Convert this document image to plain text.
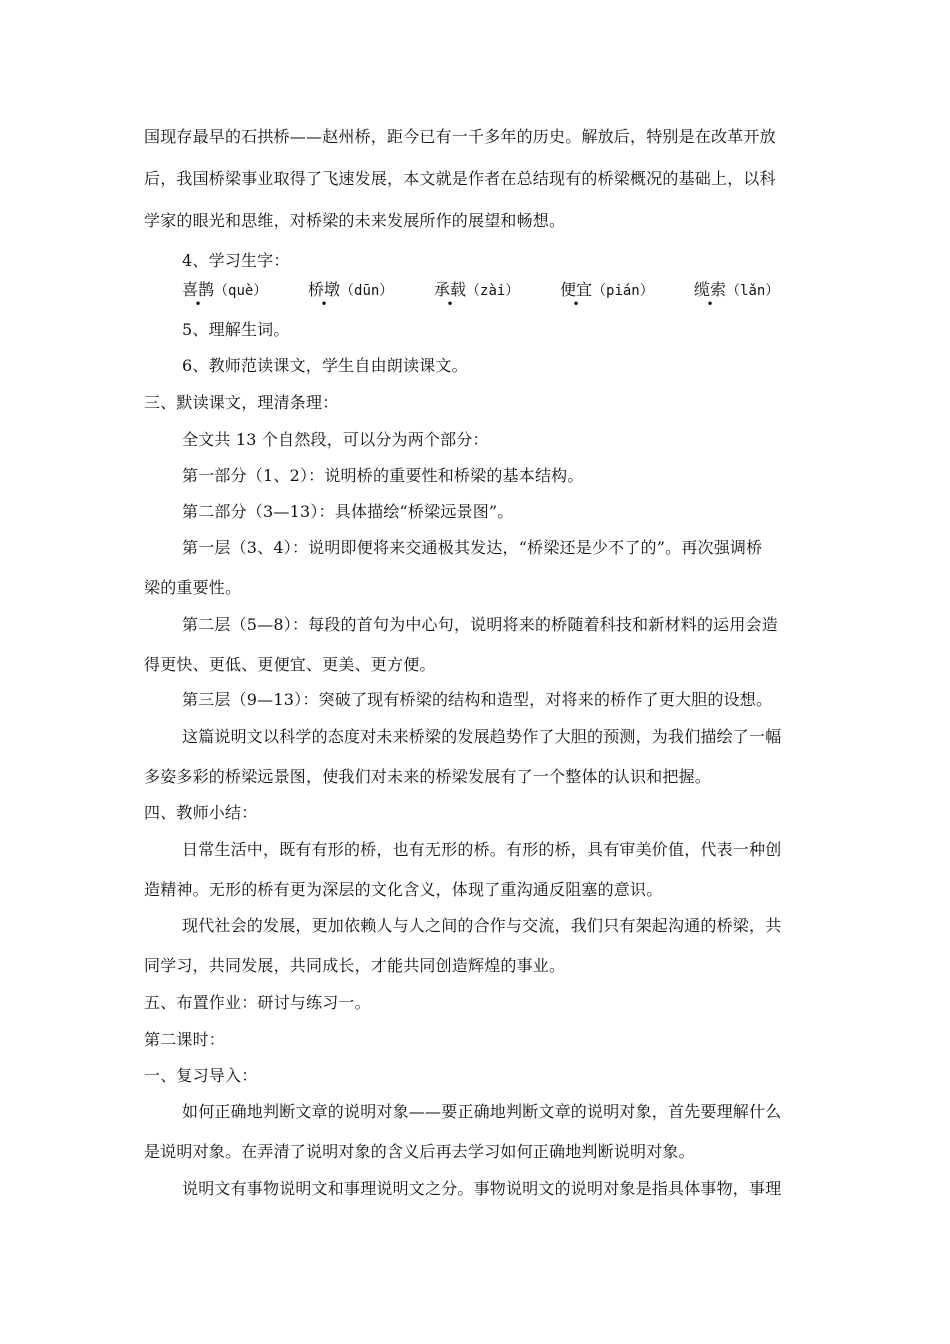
国现存最早的石拱桥——赵州桥，距今已有一千多年的历史。解放后，特别是在改革开放
后，我国桥梁事业取得了飞速发展，本文就是作者在总结现有的桥梁概况的基础上，以科
学家的眼光和思维，对桥梁的未来发展所作的展望和畅想。
4、学习生字：
喜鹊
•
（què）	桥墩
•
（dūn）	承载
•
（zài）	便宜
•
（pián）	缆索
•
（lǎn）
5、理解生词。
6、教师范读课文，学生自由朗读课文。
三、默读课文，理清条理：
全文共 13 个自然段，可以分为两个部分：
第一部分（1、2）：说明桥的重要性和桥梁的基本结构。
第二部分（3—13）：具体描绘“桥梁远景图”。
第一层（3、4）：说明即便将来交通极其发达，“桥梁还是少不了的”。再次强调桥
梁的重要性。
第二层（5—8）：每段的首句为中心句，说明将来的桥随着科技和新材料的运用会造
得更快、更低、更便宜、更美、更方便。
第三层（9—13）：突破了现有桥梁的结构和造型，对将来的桥作了更大胆的设想。
这篇说明文以科学的态度对未来桥梁的发展趋势作了大胆的预测，为我们描绘了一幅
多姿多彩的桥梁远景图，使我们对未来的桥梁发展有了一个整体的认识和把握。
四、教师小结：
日常生活中，既有有形的桥，也有无形的桥。有形的桥，具有审美价值，代表一种创
造精神。无形的桥有更为深层的文化含义，体现了重沟通反阻塞的意识。
现代社会的发展，更加依赖人与人之间的合作与交流，我们只有架起沟通的桥梁，共
同学习，共同发展，共同成长，才能共同创造辉煌的事业。
五、布置作业：研讨与练习一。
第二课时：
一、复习导入：
如何正确地判断文章的说明对象——要正确地判断文章的说明对象，首先要理解什么
是说明对象。在弄清了说明对象的含义后再去学习如何正确地判断说明对象。
说明文有事物说明文和事理说明文之分。事物说明文的说明对象是指具体事物，事理
